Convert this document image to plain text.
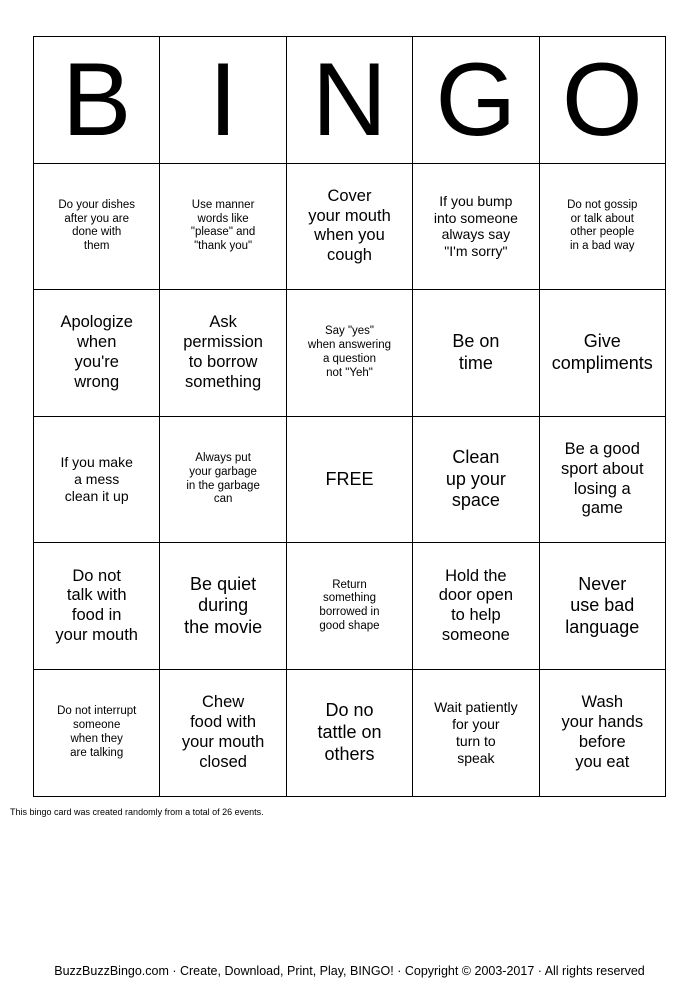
B	I	N	G	O
Do your dishes
after you are
done with
them	Use manner
words like
"please" and
"thank you"	Cover
your mouth
when you
cough	If you bump
into someone
always say
"I'm sorry"	Do not gossip
or talk about
other people
in a bad way
Apologize
when
you're
wrong	Ask
permission
to borrow
something	Say "yes"
when answering
a question
not "Yeh"	Be on
time	Give
compliments
If you make
a mess
clean it up	Always put
your garbage
in the garbage
can	FREE	Clean
up your
space	Be a good
sport about
losing a
game
Do not
talk with
food in
your mouth	Be quiet
during
the movie	Return
something
borrowed in
good shape	Hold the
door open
to help
someone	Never
use bad
language
Do not interrupt
someone
when they
are talking	Chew
food with
your mouth
closed	Do no
tattle on
others	Wait patiently
for your
turn to
speak	Wash
your hands
before
you eat

This bingo card was created randomly from a total of 26 events.

BuzzBuzzBingo.com · Create, Download, Print, Play, BINGO! · Copyright © 2003-2017 · All rights reserved
